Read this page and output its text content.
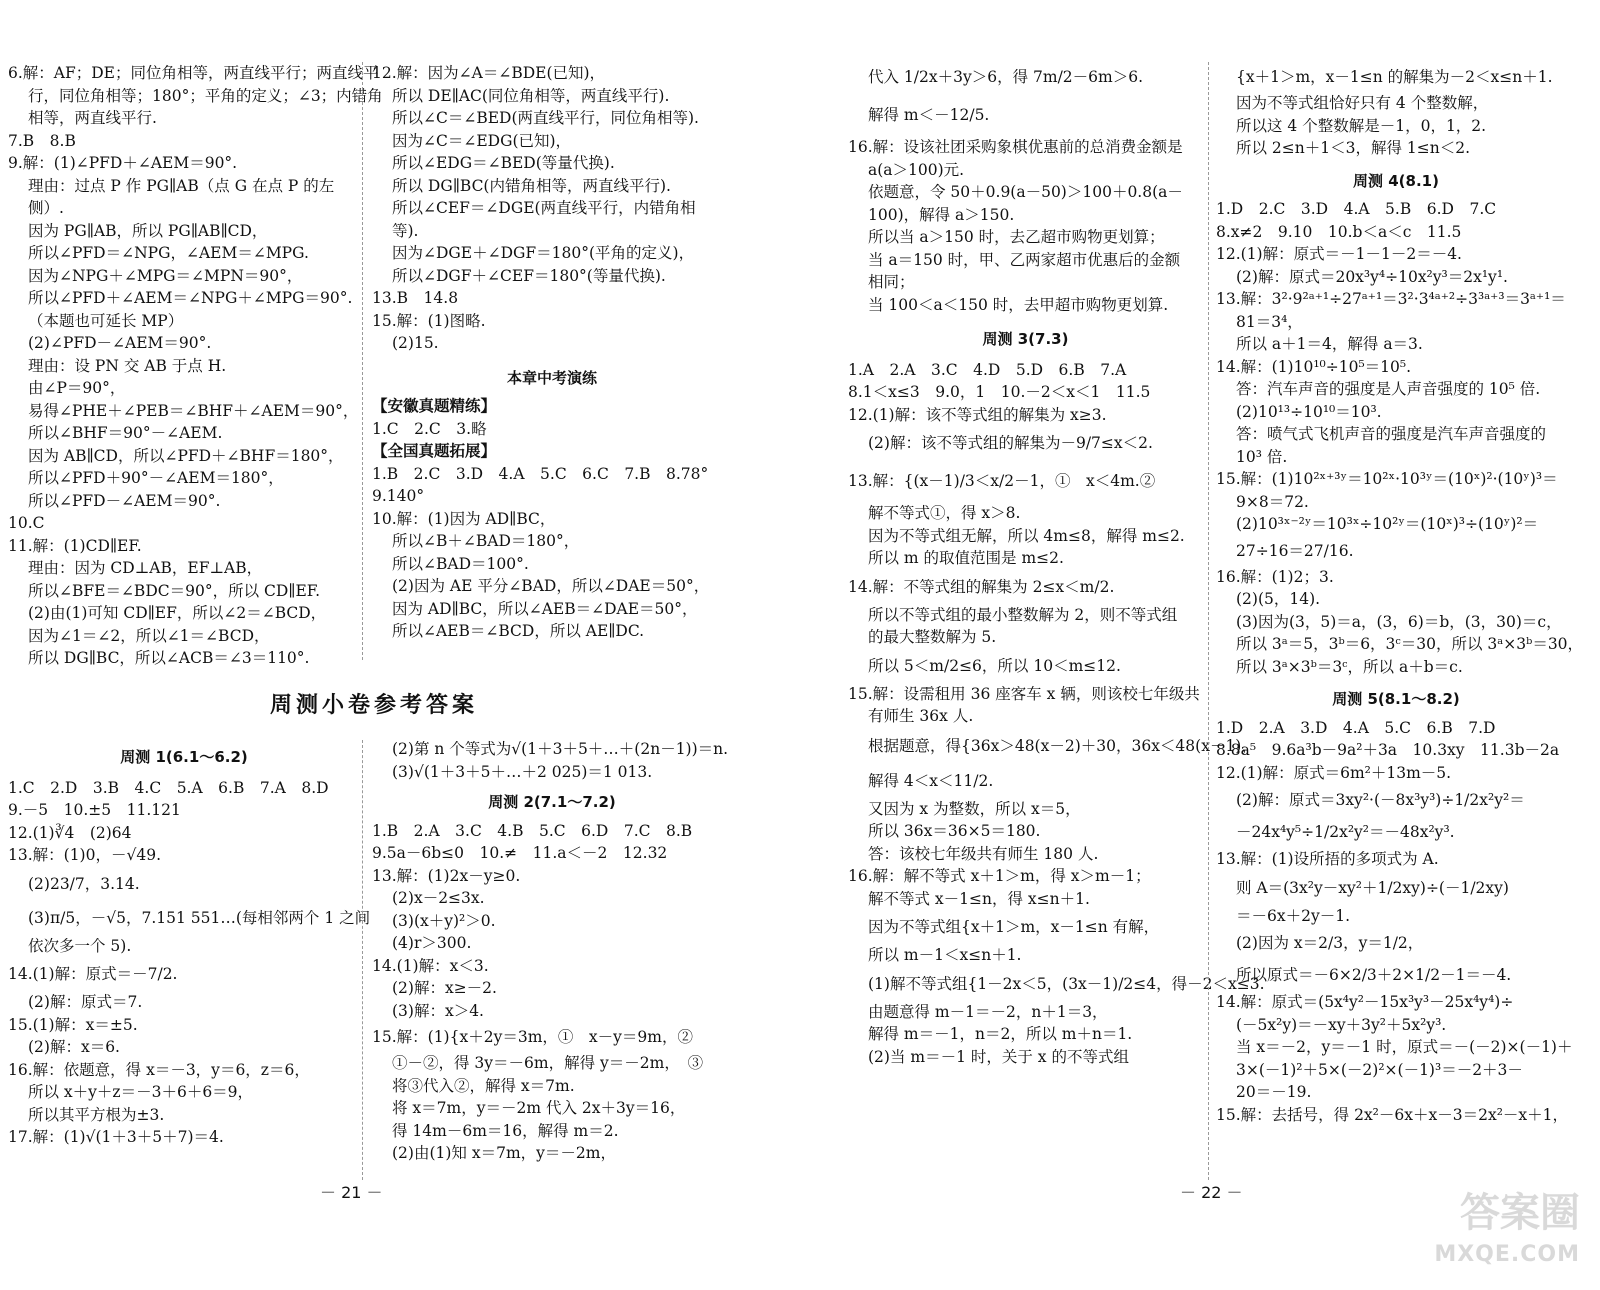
6.解：AF；DE；同位角相等，两直线平行；两直线平
行，同位角相等；180°；平角的定义；∠3；内错角
相等，两直线平行.
7.B　8.B
9.解：(1)∠PFD＋∠AEM＝90°.
理由：过点 P 作 PG∥AB（点 G 在点 P 的左
侧）.
因为 PG∥AB，所以 PG∥AB∥CD，
所以∠PFD＝∠NPG，∠AEM＝∠MPG.
因为∠NPG＋∠MPG＝∠MPN＝90°，
所以∠PFD＋∠AEM＝∠NPG＋∠MPG＝90°.
（本题也可延长 MP）
(2)∠PFD－∠AEM＝90°.
理由：设 PN 交 AB 于点 H.
由∠P＝90°，
易得∠PHE＋∠PEB＝∠BHF＋∠AEM＝90°，
所以∠BHF＝90°－∠AEM.
因为 AB∥CD，所以∠PFD＋∠BHF＝180°，
所以∠PFD＋90°－∠AEM＝180°，
所以∠PFD－∠AEM＝90°.
10.C
11.解：(1)CD∥EF.
理由：因为 CD⊥AB，EF⊥AB，
所以∠BFE＝∠BDC＝90°，所以 CD∥EF.
(2)由(1)可知 CD∥EF，所以∠2＝∠BCD，
因为∠1＝∠2，所以∠1＝∠BCD，
所以 DG∥BC，所以∠ACB＝∠3＝110°.
12.解：因为∠A＝∠BDE(已知)，
所以 DE∥AC(同位角相等，两直线平行).
所以∠C＝∠BED(两直线平行，同位角相等).
因为∠C＝∠EDG(已知)，
所以∠EDG＝∠BED(等量代换).
所以 DG∥BC(内错角相等，两直线平行).
所以∠CEF＝∠DGE(两直线平行，内错角相
等).
因为∠DGE＋∠DGF＝180°(平角的定义)，
所以∠DGF＋∠CEF＝180°(等量代换).
13.B　14.8
15.解：(1)图略.
(2)15.
本章中考演练
【安徽真题精练】
1.C　2.C　3.略
【全国真题拓展】
1.B　2.C　3.D　4.A　5.C　6.C　7.B　8.78°
9.140°
10.解：(1)因为 AD∥BC，
所以∠B＋∠BAD＝180°，
所以∠BAD＝100°.
(2)因为 AE 平分∠BAD，所以∠DAE＝50°，
因为 AD∥BC，所以∠AEB＝∠DAE＝50°，
所以∠AEB＝∠BCD，所以 AE∥DC.
周测小卷参考答案
周测 1(6.1～6.2)
1.C　2.D　3.B　4.C　5.A　6.B　7.A　8.D
9.－5　10.±5　11.121
12.(1)∛4　(2)64
13.解：(1)0，－√49.
(2)23/7，3.14.
(3)π/5，－√5，7.151 551…(每相邻两个 1 之间
依次多一个 5).
14.(1)解：原式＝－7/2.
(2)解：原式＝7.
15.(1)解：x＝±5.
(2)解：x＝6.
16.解：依题意，得 x＝－3，y＝6，z＝6，
所以 x＋y＋z＝－3＋6＋6＝9，
所以其平方根为±3.
17.解：(1)√(1＋3＋5＋7)＝4.
(2)第 n 个等式为√(1＋3＋5＋…＋(2n－1))＝n.
(3)√(1＋3＋5＋…＋2 025)＝1 013.
周测 2(7.1～7.2)
1.B　2.A　3.C　4.B　5.C　6.D　7.C　8.B
9.5a－6b≤0　10.≠　11.a＜－2　12.32
13.解：(1)2x－y≥0.
(2)x－2≤3x.
(3)(x＋y)²＞0.
(4)r＞300.
14.(1)解：x＜3.
(2)解：x≥－2.
(3)解：x＞4.
15.解：(1){x＋2y＝3m，①　x－y＝9m，②
①－②，得 3y＝－6m，解得 y＝－2m，　③
将③代入②，解得 x＝7m.
将 x＝7m，y＝－2m 代入 2x＋3y＝16，
得 14m－6m＝16，解得 m＝2.
(2)由(1)知 x＝7m，y＝－2m，
－ 21 －
代入 1/2x＋3y＞6，得 7m/2－6m＞6.
解得 m＜－12/5.
16.解：设该社团采购象棋优惠前的总消费金额是
a(a＞100)元.
依题意，令 50＋0.9(a－50)＞100＋0.8(a－
100)，解得 a＞150.
所以当 a＞150 时，去乙超市购物更划算；
当 a＝150 时，甲、乙两家超市优惠后的金额
相同；
当 100＜a＜150 时，去甲超市购物更划算.
周测 3(7.3)
1.A　2.A　3.C　4.D　5.D　6.B　7.A
8.1＜x≤3　9.0，1　10.－2＜x＜1　11.5
12.(1)解：该不等式组的解集为 x≥3.
(2)解：该不等式组的解集为－9/7≤x＜2.
13.解：{(x－1)/3＜x/2－1，①　x＜4m.②
解不等式①，得 x＞8.
因为不等式组无解，所以 4m≤8，解得 m≤2.
所以 m 的取值范围是 m≤2.
14.解：不等式组的解集为 2≤x＜m/2.
所以不等式组的最小整数解为 2，则不等式组
的最大整数解为 5.
所以 5＜m/2≤6，所以 10＜m≤12.
15.解：设需租用 36 座客车 x 辆，则该校七年级共
有师生 36x 人.
根据题意，得{36x＞48(x－2)＋30，36x＜48(x－1)，
解得 4＜x＜11/2.
又因为 x 为整数，所以 x＝5，
所以 36x＝36×5＝180.
答：该校七年级共有师生 180 人.
16.解：解不等式 x＋1＞m，得 x＞m－1；
解不等式 x－1≤n，得 x≤n＋1.
因为不等式组{x＋1＞m，x－1≤n 有解，
所以 m－1＜x≤n＋1.
(1)解不等式组{1－2x＜5，(3x－1)/2≤4，得－2＜x≤3.
由题意得 m－1＝－2，n＋1＝3，
解得 m＝－1，n＝2，所以 m＋n＝1.
(2)当 m＝－1 时，关于 x 的不等式组
{x＋1＞m，x－1≤n 的解集为－2＜x≤n＋1.
因为不等式组恰好只有 4 个整数解，
所以这 4 个整数解是－1，0，1，2.
所以 2≤n＋1＜3，解得 1≤n＜2.
周测 4(8.1)
1.D　2.C　3.D　4.A　5.B　6.D　7.C
8.x≠2　9.10　10.b＜a＜c　11.5
12.(1)解：原式＝－1－1－2＝－4.
(2)解：原式＝20x³y⁴÷10x²y³＝2x¹y¹.
13.解：3²·9²ᵃ⁺¹÷27ᵃ⁺¹＝3²·3⁴ᵃ⁺²÷3³ᵃ⁺³＝3ᵃ⁺¹＝
81＝3⁴，
所以 a＋1＝4，解得 a＝3.
14.解：(1)10¹⁰÷10⁵＝10⁵.
答：汽车声音的强度是人声音强度的 10⁵ 倍.
(2)10¹³÷10¹⁰＝10³.
答：喷气式飞机声音的强度是汽车声音强度的
10³ 倍.
15.解：(1)10²ˣ⁺³ʸ＝10²ˣ·10³ʸ＝(10ˣ)²·(10ʸ)³＝
9×8＝72.
(2)10³ˣ⁻²ʸ＝10³ˣ÷10²ʸ＝(10ˣ)³÷(10ʸ)²＝
27÷16＝27/16.
16.解：(1)2；3.
(2)(5，14).
(3)因为(3，5)＝a，(3，6)＝b，(3，30)＝c，
所以 3ᵃ＝5，3ᵇ＝6，3ᶜ＝30，所以 3ᵃ×3ᵇ＝30，
所以 3ᵃ×3ᵇ＝3ᶜ，所以 a＋b＝c.
周测 5(8.1～8.2)
1.D　2.A　3.D　4.A　5.C　6.B　7.D
8.8a⁵　9.6a³b－9a²＋3a　10.3xy　11.3b－2a
12.(1)解：原式＝6m²＋13m－5.
(2)解：原式＝3xy²·(－8x³y³)÷1/2x²y²＝
－24x⁴y⁵÷1/2x²y²＝－48x²y³.
13.解：(1)设所捂的多项式为 A.
则 A＝(3x²y－xy²＋1/2xy)÷(－1/2xy)
＝－6x＋2y－1.
(2)因为 x＝2/3，y＝1/2，
所以原式＝－6×2/3＋2×1/2－1＝－4.
14.解：原式＝(5x⁴y²－15x³y³－25x⁴y⁴)÷
(－5x²y)＝－xy＋3y²＋5x²y³.
当 x＝－2，y＝－1 时，原式＝－(－2)×(－1)＋
3×(－1)²＋5×(－2)²×(－1)³＝－2＋3－
20＝－19.
15.解：去括号，得 2x²－6x＋x－3＝2x²－x＋1，
－ 22 －	答案圈
MXQE.COM
